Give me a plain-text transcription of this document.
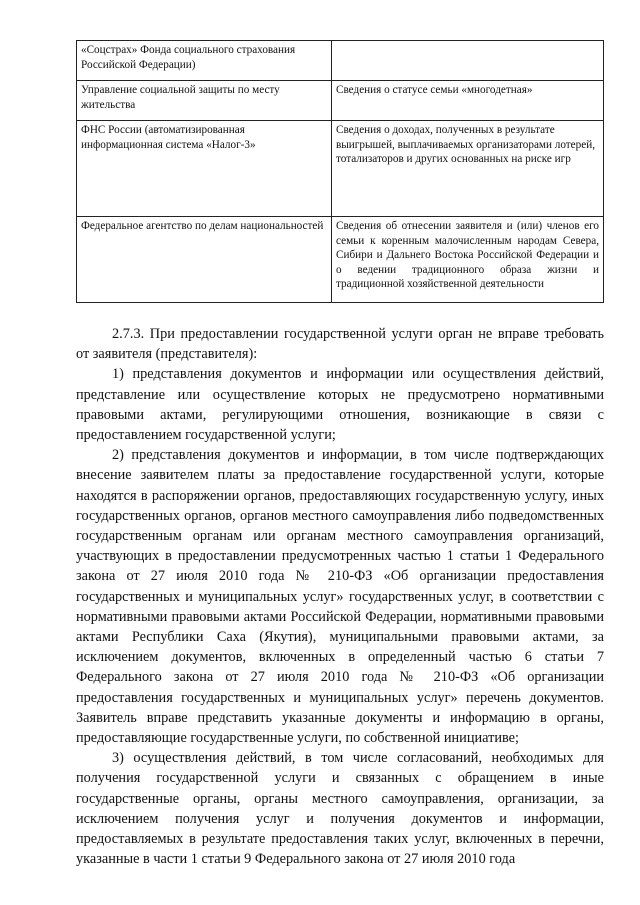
«Соцстрах» Фонда социального страхования Российской Федерации)	
Управление социальной защиты по месту жительства	Сведения о статусе семьи «многодетная»
ФНС России (автоматизированная информационная система «Налог-3»	Сведения о доходах, полученных в результате выигрышей, выплачиваемых организаторами лотерей, тотализаторов и других основанных на риске игр
Федеральное агентство по делам национальностей	Сведения об отнесении заявителя и (или) членов его семьи к коренным малочисленным народам Севера, Сибири и Дальнего Востока Российской Федерации и о ведении традиционного образа жизни и традиционной хозяйственной деятельности

2.7.3. При предоставлении государственной услуги орган не вправе требовать от заявителя (представителя):

1) представления документов и информации или осуществления действий, представление или осуществление которых не предусмотрено нормативными правовыми актами, регулирующими отношения, возникающие в связи с предоставлением государственной услуги;

2) представления документов и информации, в том числе подтверждающих внесение заявителем платы за предоставление государственной услуги, которые находятся в распоряжении органов, предоставляющих государственную услугу, иных государственных органов, органов местного самоуправления либо подведомственных государственным органам или органам местного самоуправления организаций, участвующих в предоставлении предусмотренных частью 1 статьи 1 Федерального закона от 27 июля 2010 года № 210-ФЗ «Об организации предоставления государственных и муниципальных услуг» государственных услуг, в соответствии с нормативными правовыми актами Российской Федерации, нормативными правовыми актами Республики Саха (Якутия), муниципальными правовыми актами, за исключением документов, включенных в определенный частью 6 статьи 7 Федерального закона от 27 июля 2010 года № 210-ФЗ «Об организации предоставления государственных и муниципальных услуг» перечень документов. Заявитель вправе представить указанные документы и информацию в органы, предоставляющие государственные услуги, по собственной инициативе;

3) осуществления действий, в том числе согласований, необходимых для получения государственной услуги и связанных с обращением в иные государственные органы, органы местного самоуправления, организации, за исключением получения услуг и получения документов и информации, предоставляемых в результате предоставления таких услуг, включенных в перечни, указанные в части 1 статьи 9 Федерального закона от 27 июля 2010 года
